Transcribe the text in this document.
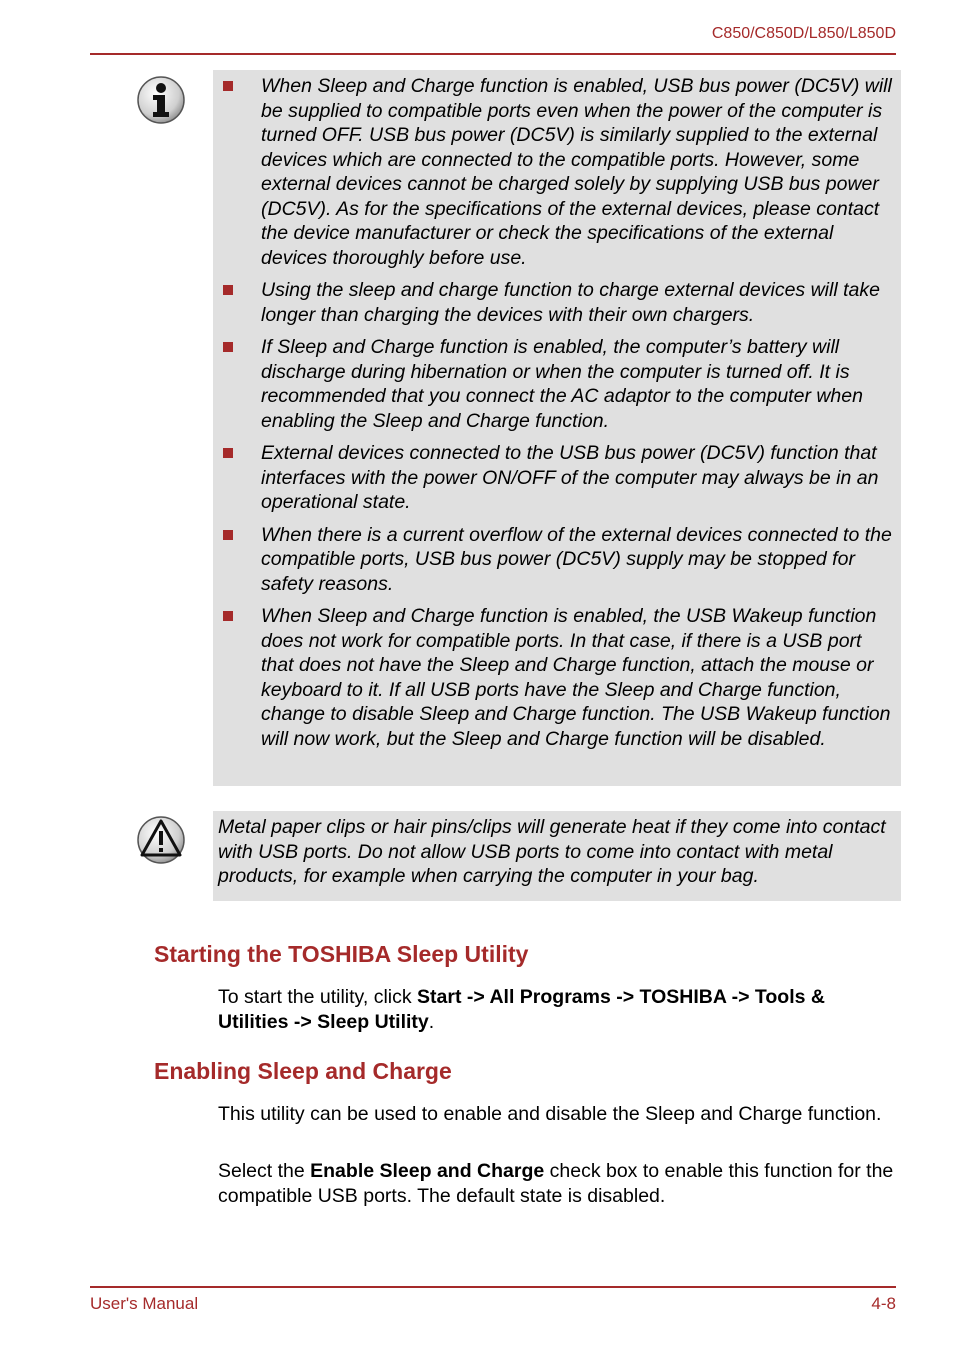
C850/C850D/L850/L850D
When Sleep and Charge function is enabled, USB bus power (DC5V) will be supplied to compatible ports even when the power of the computer is turned OFF. USB bus power (DC5V) is similarly supplied to the external devices which are connected to the compatible ports. However, some external devices cannot be charged solely by supplying USB bus power (DC5V). As for the specifications of the external devices, please contact the device manufacturer or check the specifications of the external devices thoroughly before use.
Using the sleep and charge function to charge external devices will take longer than charging the devices with their own chargers.
If Sleep and Charge function is enabled, the computer’s battery will discharge during hibernation or when the computer is turned off. It is recommended that you connect the AC adaptor to the computer when enabling the Sleep and Charge function.
External devices connected to the USB bus power (DC5V) function that interfaces with the power ON/OFF of the computer may always be in an operational state.
When there is a current overflow of the external devices connected to the compatible ports, USB bus power (DC5V) supply may be stopped for safety reasons.
When Sleep and Charge function is enabled, the USB Wakeup function does not work for compatible ports. In that case, if there is a USB port that does not have the Sleep and Charge function, attach the mouse or keyboard to it. If all USB ports have the Sleep and Charge function, change to disable Sleep and Charge function. The USB Wakeup function will now work, but the Sleep and Charge function will be disabled.
Metal paper clips or hair pins/clips will generate heat if they come into contact with USB ports. Do not allow USB ports to come into contact with metal products, for example when carrying the computer in your bag.
Starting the TOSHIBA Sleep Utility
To start the utility, click Start -> All Programs -> TOSHIBA -> Tools & Utilities -> Sleep Utility.
Enabling Sleep and Charge
This utility can be used to enable and disable the Sleep and Charge function.
Select the Enable Sleep and Charge check box to enable this function for the compatible USB ports. The default state is disabled.
User's Manual	4-8
